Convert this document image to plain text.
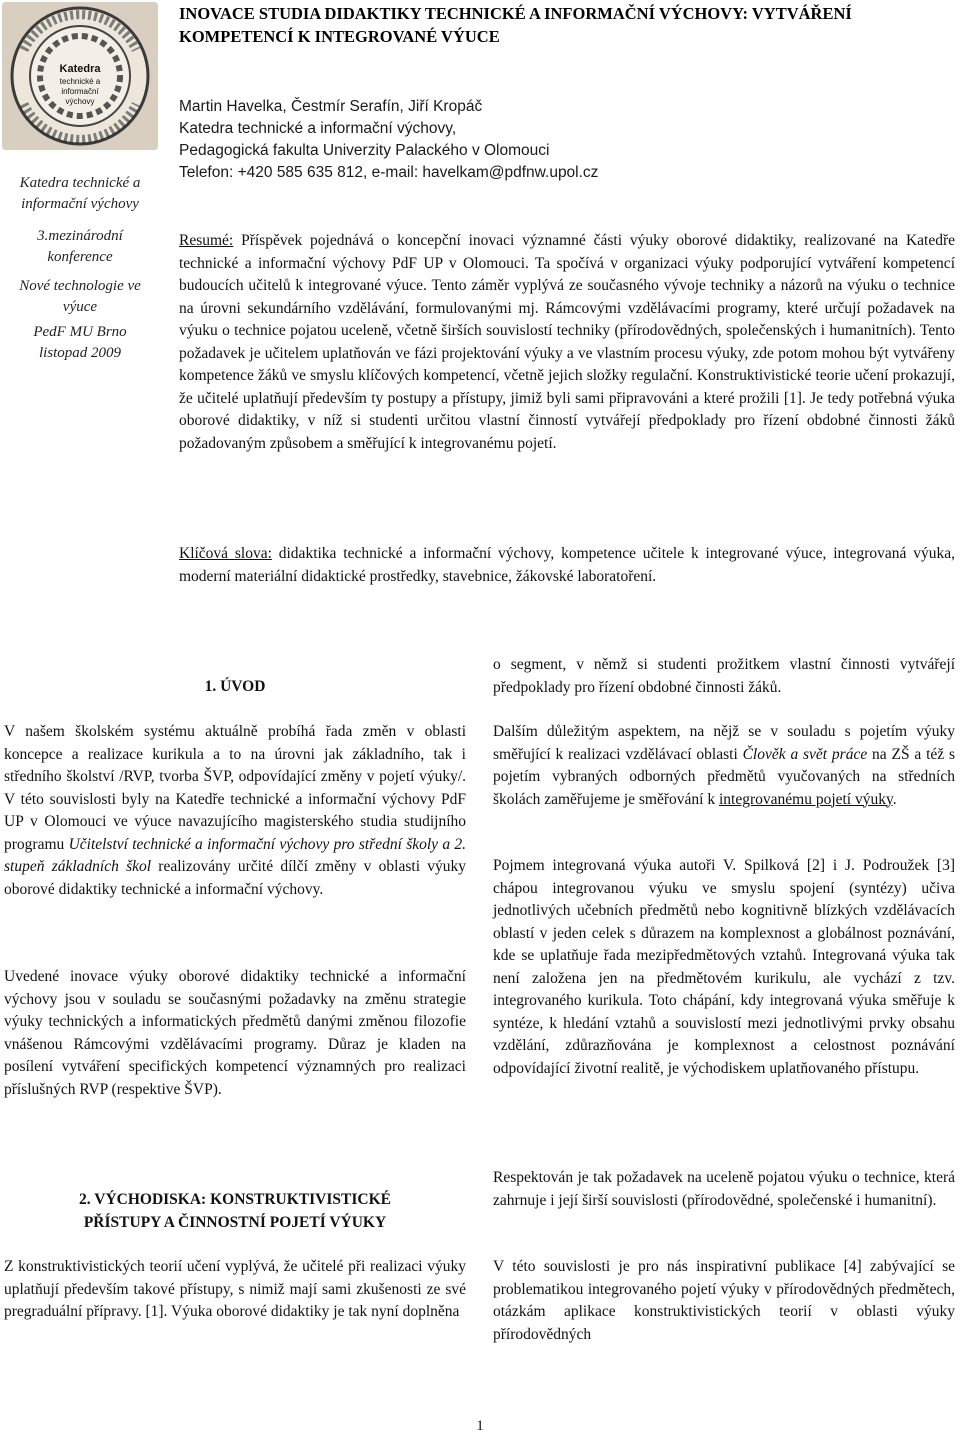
Katedra
technické a
informační
výchovy
Katedra technické a informační výchovy
3.mezinárodní
konference
Nové technologie ve
výuce
PedF MU Brno
listopad 2009
INOVACE STUDIA DIDAKTIKY TECHNICKÉ A INFORMAČNÍ VÝCHOVY: VYTVÁŘENÍ
KOMPETENCÍ K INTEGROVANÉ VÝUCE
Martin Havelka, Čestmír Serafín, Jiří Kropáč
Katedra technické a informační výchovy,
Pedagogická fakulta Univerzity Palackého v Olomouci
Telefon: +420 585 635 812, e-mail: havelkam@pdfnw.upol.cz
Resumé: Příspěvek pojednává o koncepční inovaci významné části výuky oborové didaktiky, realizované na Katedře technické a informační výchovy PdF UP v Olomouci. Ta spočívá v organizaci výuky podporující vytváření kompetencí budoucích učitelů k integrované výuce. Tento záměr vyplývá ze současného vývoje techniky a názorů na výuku o technice na úrovni sekundárního vzdělávání, formulovanými mj. Rámcovými vzdělávacími programy, které určují požadavek na výuku o technice pojatou uceleně, včetně širších souvislostí techniky (přírodovědných, společenských i humanitních). Tento požadavek je učitelem uplatňován ve fázi projektování výuky a ve vlastním procesu výuky, zde potom mohou být vytvářeny kompetence žáků ve smyslu klíčových kompetencí, včetně jejich složky regulační. Konstruktivistické teorie učení prokazují, že učitelé uplatňují především ty postupy a přístupy, jimiž byli sami připravováni a které prožili [1]. Je tedy potřebná výuka oborové didaktiky, v níž si studenti určitou vlastní činností vytvářejí předpoklady pro řízení obdobné činnosti žáků požadovaným způsobem a směřující k integrovanému pojetí.
Klíčová slova: didaktika technické a informační výchovy, kompetence učitele k integrované výuce, integrovaná výuka, moderní materiální didaktické prostředky, stavebnice, žákovské laboratoření.
1. ÚVOD

V našem školském systému aktuálně probíhá řada změn v oblasti koncepce a realizace kurikula a to na úrovni jak základního, tak i středního školství /RVP, tvorba ŠVP, odpovídající změny v pojetí výuky/. V této souvislosti byly na Katedře technické a informační výchovy PdF UP v Olomouci ve výuce navazujícího magisterského studia studijního programu Učitelství technické a informační výchovy pro střední školy a 2. stupeň základních škol realizovány určité dílčí změny v oblasti výuky oborové didaktiky technické a informační výchovy.

Uvedené inovace výuky oborové didaktiky technické a informační výchovy jsou v souladu se současnými požadavky na změnu strategie výuky technických a informatických předmětů danými změnou filozofie vnášenou Rámcovými vzdělávacími programy. Důraz je kladen na posílení vytváření specifických kompetencí významných pro realizaci příslušných RVP (respektive ŠVP).

2. VÝCHODISKA: KONSTRUKTIVISTICKÉ
PŘÍSTUPY A ČINNOSTNÍ POJETÍ VÝUKY

Z konstruktivistických teorií učení vyplývá, že učitelé při realizaci výuky uplatňují především takové přístupy, s nimiž mají sami zkušenosti ze své pregraduální přípravy. [1]. Výuka oborové didaktiky je tak nyní doplněna

o segment, v němž si studenti prožitkem vlastní činnosti vytvářejí předpoklady pro řízení obdobné činnosti žáků.

Dalším důležitým aspektem, na nějž se v souladu s pojetím výuky směřující k realizaci vzdělávací oblasti Člověk a svět práce na ZŠ a též s pojetím vybraných odborných předmětů vyučovaných na středních školách zaměřujeme je směřování k integrovanému pojetí výuky.

Pojmem integrovaná výuka autoři V. Spilková [2] i J. Podroužek [3] chápou integrovanou výuku ve smyslu spojení (syntézy) učiva jednotlivých učebních předmětů nebo kognitivně blízkých vzdělávacích oblastí v jeden celek s důrazem na komplexnost a globálnost poznávání, kde se uplatňuje řada mezipředmětových vztahů. Integrovaná výuka tak není založena jen na předmětovém kurikulu, ale vychází z tzv. integrovaného kurikula. Toto chápání, kdy integrovaná výuka směřuje k syntéze, k hledání vztahů a souvislostí mezi jednotlivými prvky obsahu vzdělání, zdůrazňována je komplexnost a celostnost poznávání odpovídající životní realitě, je východiskem uplatňovaného přístupu.

Respektován je tak požadavek na uceleně pojatou výuku o technice, která zahrnuje i její širší souvislosti (přírodovědné, společenské i humanitní).

V této souvislosti je pro nás inspirativní publikace [4] zabývající se problematikou integrovaného pojetí výuky v přírodovědných předmětech, otázkám aplikace konstruktivistických teorií v oblasti výuky přírodovědných

1
